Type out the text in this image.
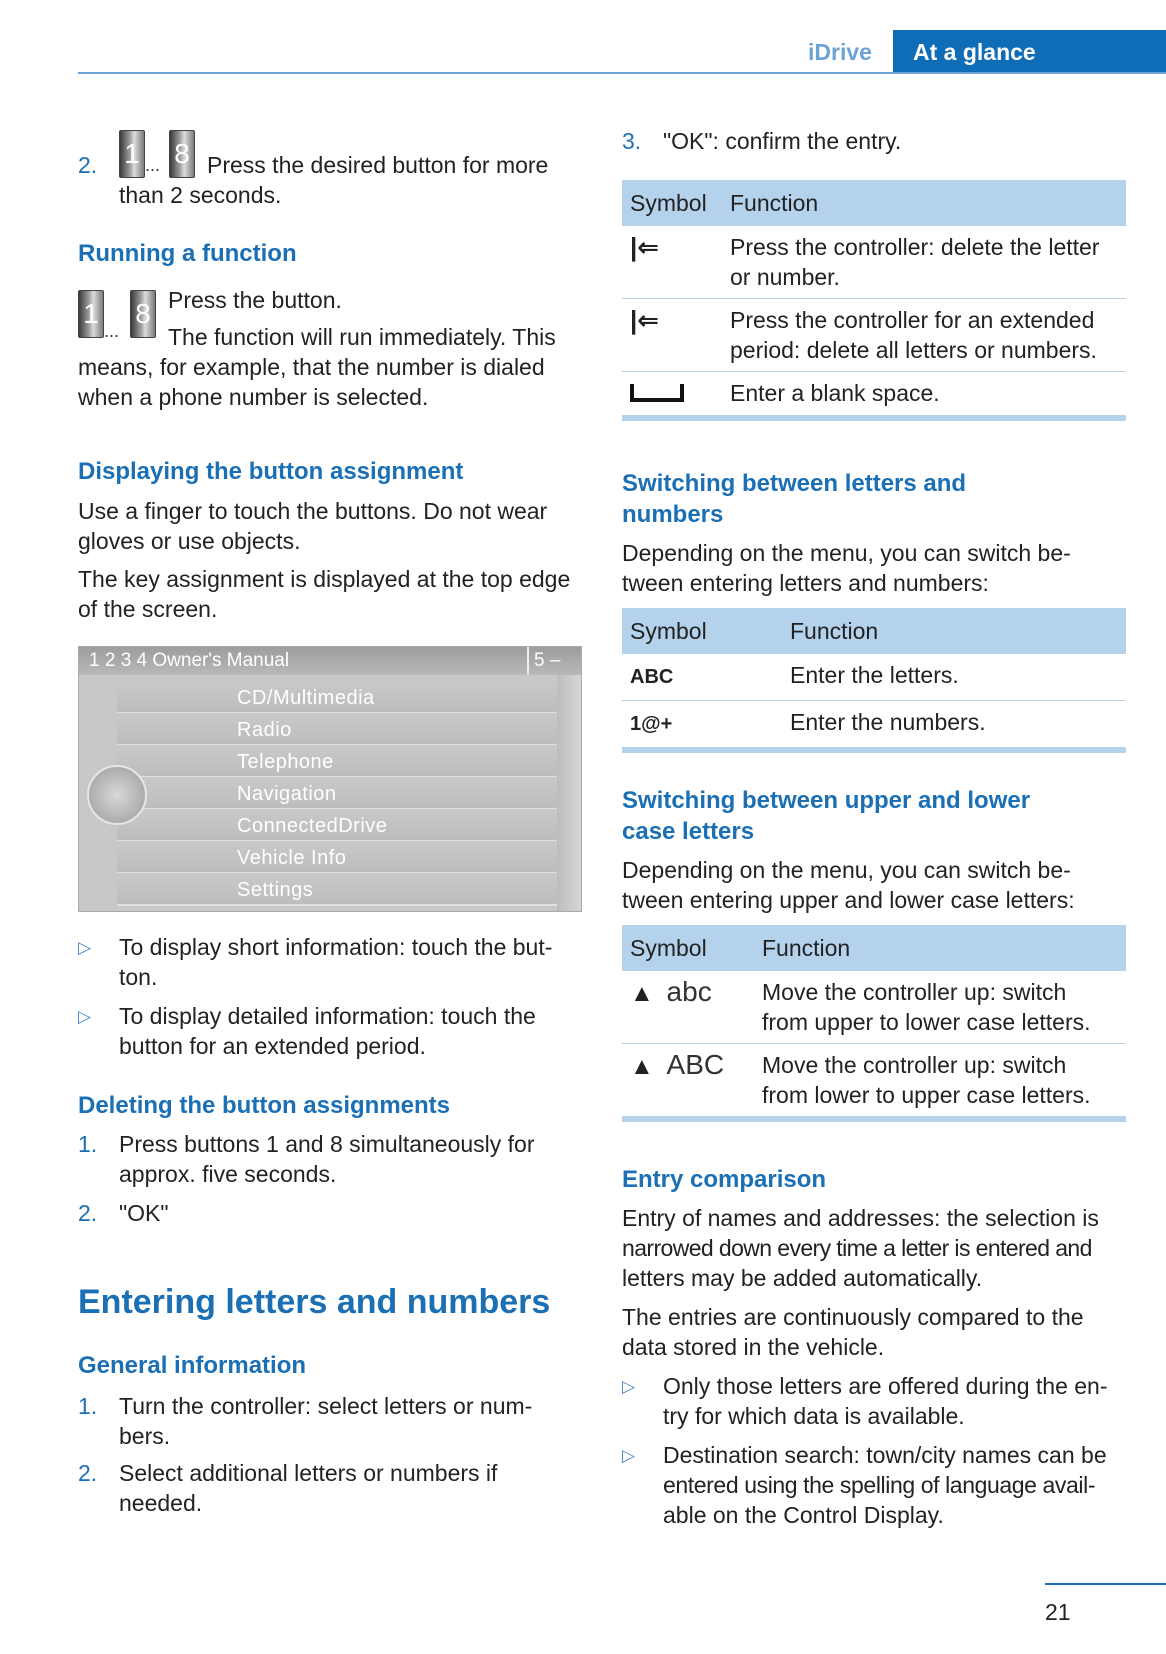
iDrive	At a glance
2. 1 ... 8 Press the desired button for more
than 2 seconds.
Running a function
1
...
8 Press the button.

The function will run immediately. This

means, for example, that the number is dialed

when a phone number is selected.

Displaying the button assignment

Use a finger to touch the buttons. Do not wear

gloves or use objects.

The key assignment is displayed at the top edge

of the screen.

1 2 3 4 Owner's Manual	5 –
CD/Multimedia
Radio
Telephone
Navigation
ConnectedDrive
Vehicle Info
Settings
▷ To display short information: touch the but-
ton.
▷ To display detailed information: touch the
button for an extended period.
Deleting the button assignments
1. Press buttons 1 and 8 simultaneously for
approx. five seconds.
2. "OK"
Entering letters and numbers
General information
1. Turn the controller: select letters or num-
bers.
2. Select additional letters or numbers if
needed.
3. "OK": confirm the entry.
Symbol	Function
|⇐	Press the controller: delete the letter
or number.

|⇐	Press the controller for an extended
period: delete all letters or numbers.

	Enter a blank space.
Switching between letters and
numbers

Depending on the menu, you can switch be-

tween entering letters and numbers:

Symbol	Function
ABC	Enter the letters.
1@+	Enter the numbers.
Switching between upper and lower
case letters

Depending on the menu, you can switch be-

tween entering upper and lower case letters:

Symbol	Function
▲ abc	Move the controller up: switch
from upper to lower case letters.

▲ ABC	Move the controller up: switch
from lower to upper case letters.
Entry comparison

Entry of names and addresses: the selection is

narrowed down every time a letter is entered and

letters may be added automatically.

The entries are continuously compared to the

data stored in the vehicle.

▷ Only those letters are offered during the en-
try for which data is available.
▷ Destination search: town/city names can be
entered using the spelling of language avail-
able on the Control Display.
21
